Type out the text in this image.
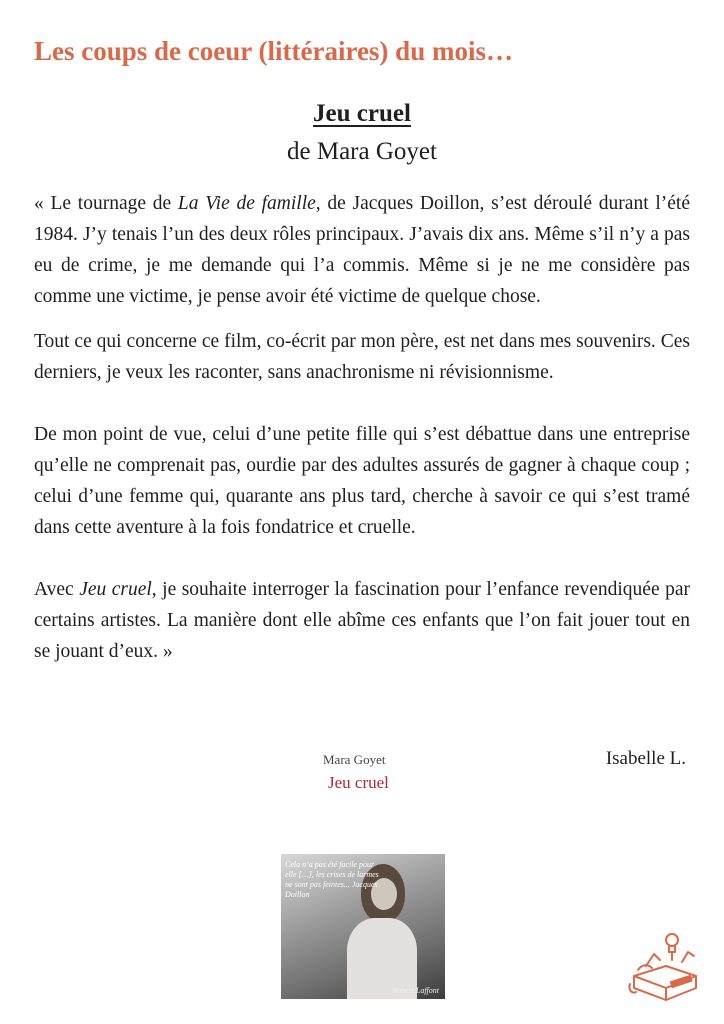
Les coups de coeur (littéraires) du mois…
Jeu cruel
de Mara Goyet

« Le tournage de La Vie de famille, de Jacques Doillon, s’est déroulé durant l’été 1984. J’y tenais l’un des deux rôles principaux. J’avais dix ans. Même s’il n’y a pas eu de crime, je me demande qui l’a commis. Même si je ne me considère pas comme une victime, je pense avoir été victime de quelque chose.

Tout ce qui concerne ce film, co-écrit par mon père, est net dans mes souvenirs. Ces derniers, je veux les raconter, sans anachronisme ni révisionnisme.

De mon point de vue, celui d’une petite fille qui s’est débattue dans une entreprise qu’elle ne comprenait pas, ourdie par des adultes assurés de gagner à chaque coup ; celui d’une femme qui, quarante ans plus tard, cherche à savoir ce qui s’est tramé dans cette aventure à la fois fondatrice et cruelle.

Avec Jeu cruel, je souhaite interroger la fascination pour l’enfance revendiquée par certains artistes. La manière dont elle abîme ces enfants que l’on fait jouer tout en se jouant d’eux. »

Isabelle L.
Mara Goyet
Jeu cruel
Cela n’a pas été facile pour elle […], les crises de larmes ne sont pas feintes... Jacques Doillon
Robert Laffont
